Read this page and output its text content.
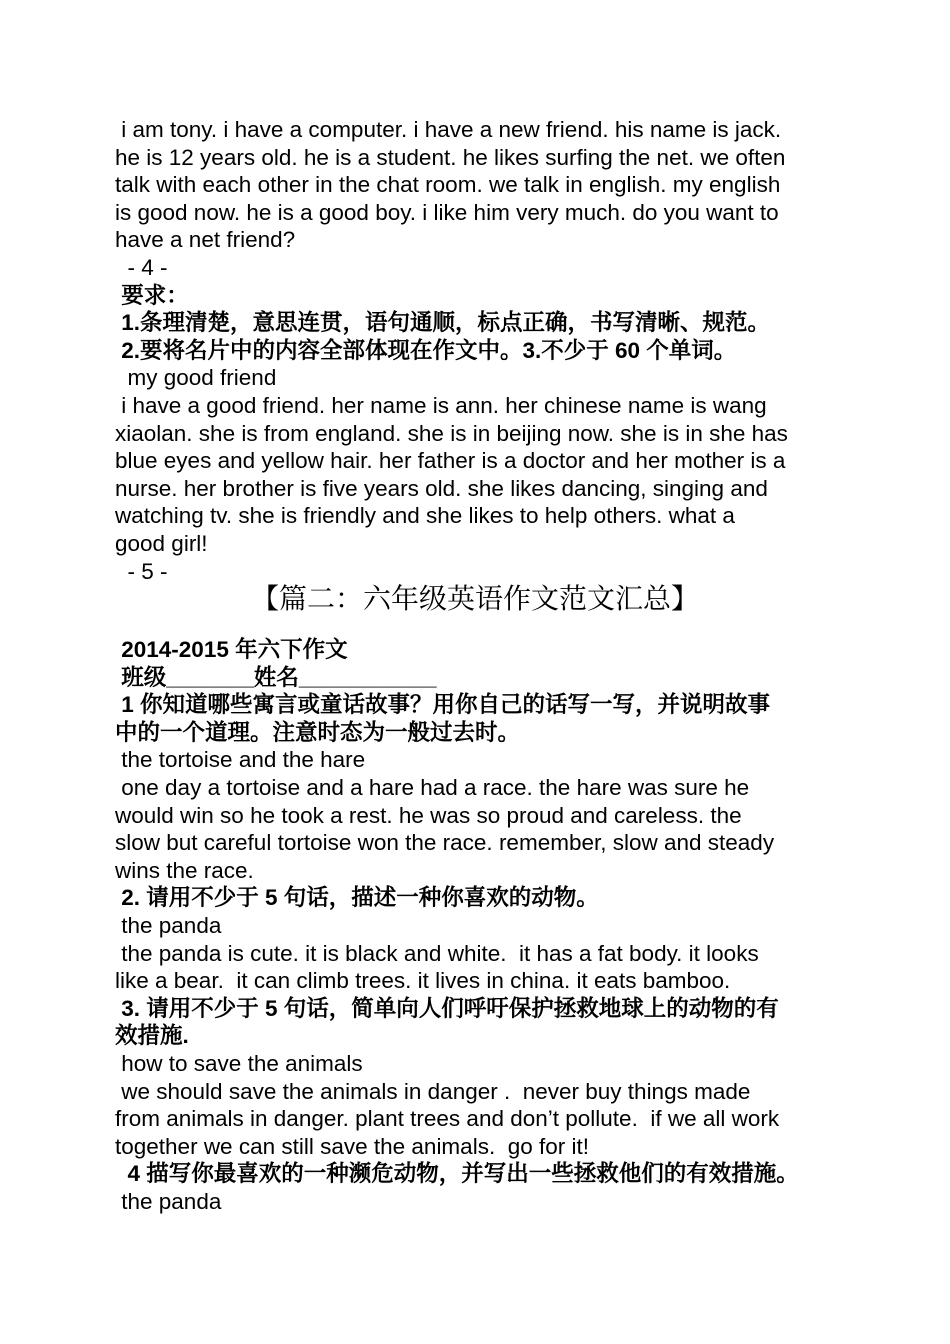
i am tony. i have a computer. i have a new friend. his name is jack.
he is 12 years old. he is a student. he likes surfing the net. we often
talk with each other in the chat room. we talk in english. my english
is good now. he is a good boy. i like him very much. do you want to
have a net friend?
- 4 -
要求：
1.条理清楚，意思连贯，语句通顺，标点正确，书写清晰、规范。
2.要将名片中的内容全部体现在作文中。3.不少于 60 个单词。
my good friend
i have a good friend. her name is ann. her chinese name is wang
xiaolan. she is from england. she is in beijing now. she is in she has
blue eyes and yellow hair. her father is a doctor and her mother is a
nurse. her brother is five years old. she likes dancing, singing and
watching tv. she is friendly and she likes to help others. what a
good girl!
- 5 -
【篇二：六年级英语作文范文汇总】
2014-2015 年六下作文
班级_______姓名___________
1 你知道哪些寓言或童话故事？用你自己的话写一写，并说明故事
中的一个道理。注意时态为一般过去时。
the tortoise and the hare
one day a tortoise and a hare had a race. the hare was sure he
would win so he took a rest. he was so proud and careless. the
slow but careful tortoise won the race. remember, slow and steady
wins the race.
2. 请用不少于 5 句话，描述一种你喜欢的动物。
the panda
the panda is cute. it is black and white.  it has a fat body. it looks
like a bear.  it can climb trees. it lives in china. it eats bamboo.
3. 请用不少于 5 句话，简单向人们呼吁保护拯救地球上的动物的有
效措施.
how to save the animals
we should save the animals in danger .  never buy things made
from animals in danger. plant trees and don’t pollute.  if we all work
together we can still save the animals.  go for it!
4 描写你最喜欢的一种濒危动物，并写出一些拯救他们的有效措施。
the panda
